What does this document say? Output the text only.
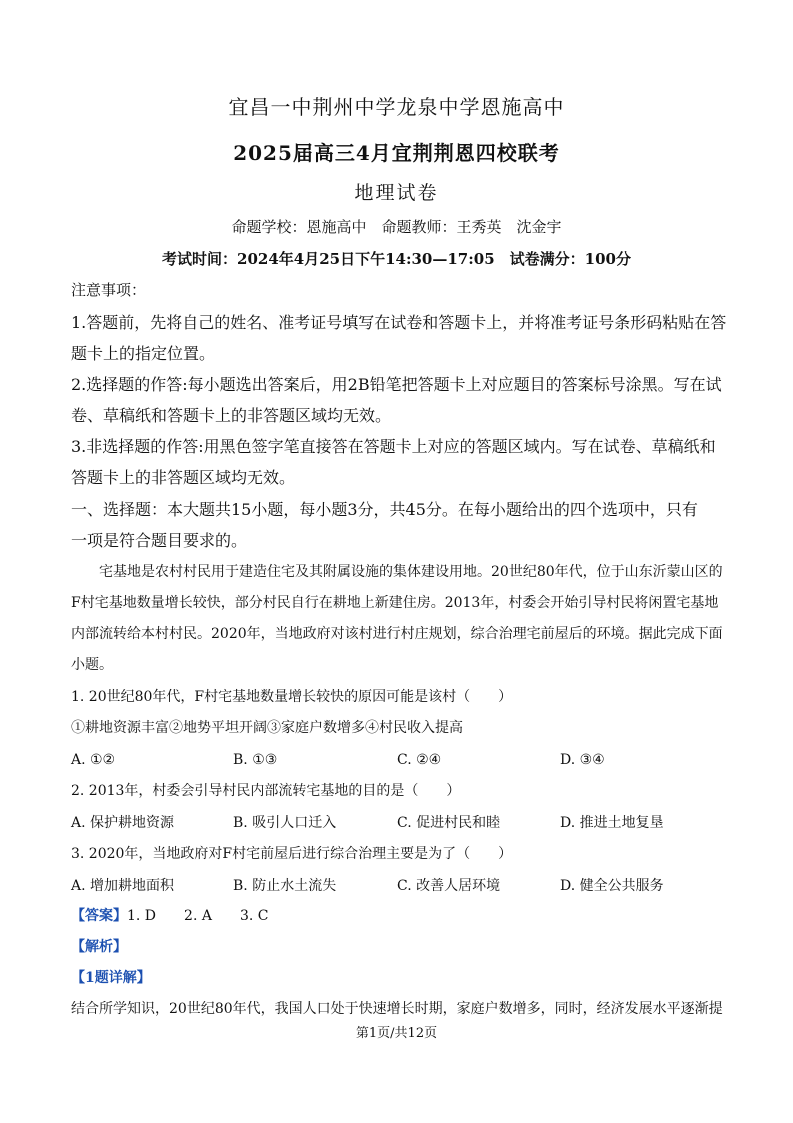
宜昌一中荆州中学龙泉中学恩施高中
2025届高三4月宜荆荆恩四校联考
地理试卷
命题学校：恩施高中　命题教师：王秀英　沈金宇
考试时间：2024年4月25日下午14:30—17:05　试卷满分：100分
注意事项：
1.答题前，先将自己的姓名、准考证号填写在试卷和答题卡上，并将准考证号条形码粘贴在答
题卡上的指定位置。
2.选择题的作答:每小题选出答案后，用2B铅笔把答题卡上对应题目的答案标号涂黑。写在试
卷、草稿纸和答题卡上的非答题区域均无效。
3.非选择题的作答:用黑色签字笔直接答在答题卡上对应的答题区域内。写在试卷、草稿纸和
答题卡上的非答题区域均无效。
一、选择题：本大题共15小题，每小题3分，共45分。在每小题给出的四个选项中，只有
一项是符合题目要求的。
宅基地是农村村民用于建造住宅及其附属设施的集体建设用地。20世纪80年代，位于山东沂蒙山区的
F村宅基地数量增长较快，部分村民自行在耕地上新建住房。2013年，村委会开始引导村民将闲置宅基地
内部流转给本村村民。2020年，当地政府对该村进行村庄规划，综合治理宅前屋后的环境。据此完成下面
小题。
1. 20世纪80年代，F村宅基地数量增长较快的原因可能是该村（　　）
①耕地资源丰富②地势平坦开阔③家庭户数增多④村民收入提高
A. ①②	B. ①③	C. ②④	D. ③④
2. 2013年，村委会引导村民内部流转宅基地的目的是（　　）
A. 保护耕地资源	B. 吸引人口迁入	C. 促进村民和睦	D. 推进土地复垦
3. 2020年，当地政府对F村宅前屋后进行综合治理主要是为了（　　）
A. 增加耕地面积	B. 防止水土流失	C. 改善人居环境	D. 健全公共服务
【答案】1. D　　2. A　　3. C
【解析】
【1题详解】
结合所学知识，20世纪80年代，我国人口处于快速增长时期，家庭户数增多，同时，经济发展水平逐渐提
第1页/共12页
